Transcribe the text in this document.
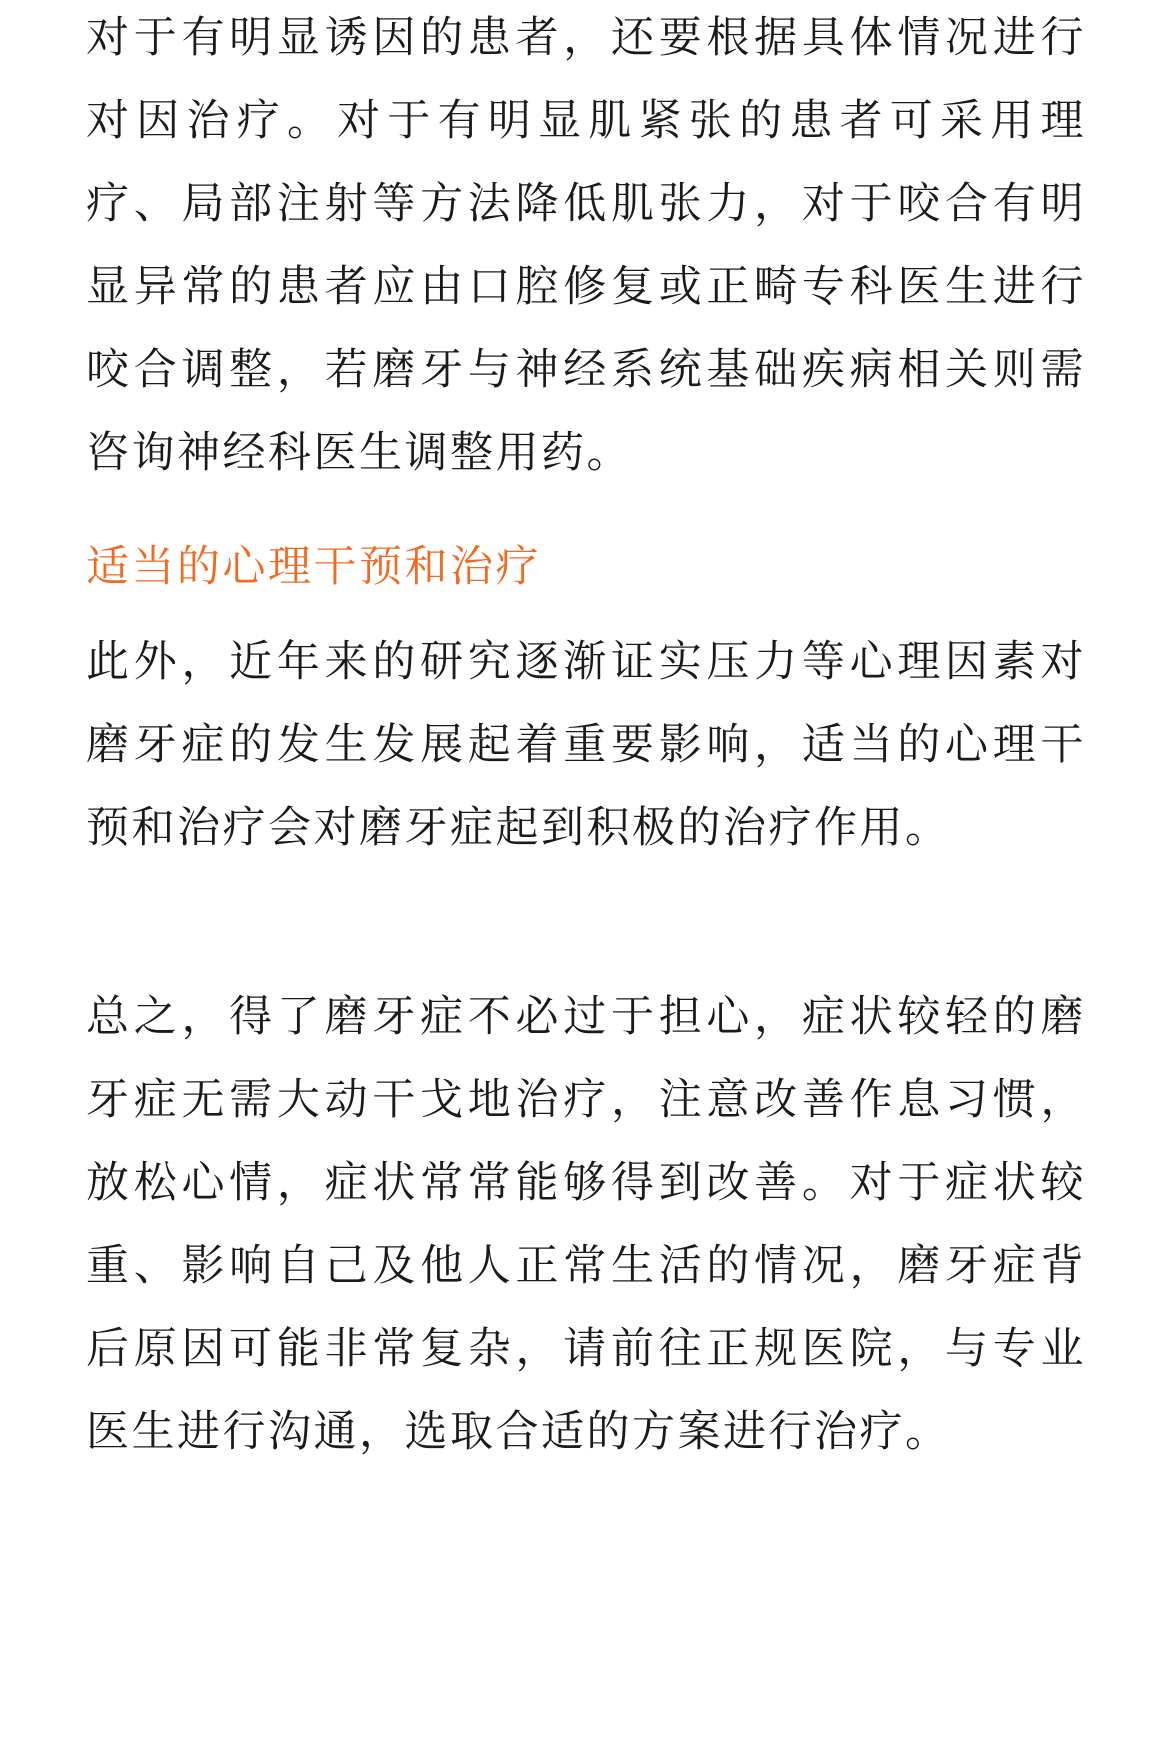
对于有明显诱因的患者，还要根据具体情况进行对因治疗。对于有明显肌紧张的患者可采用理疗、局部注射等方法降低肌张力，对于咬合有明显异常的患者应由口腔修复或正畸专科医生进行咬合调整，若磨牙与神经系统基础疾病相关则需咨询神经科医生调整用药。

适当的心理干预和治疗

此外，近年来的研究逐渐证实压力等心理因素对磨牙症的发生发展起着重要影响，适当的心理干预和治疗会对磨牙症起到积极的治疗作用。

总之，得了磨牙症不必过于担心，症状较轻的磨牙症无需大动干戈地治疗，注意改善作息习惯，放松心情，症状常常能够得到改善。对于症状较重、影响自己及他人正常生活的情况，磨牙症背后原因可能非常复杂，请前往正规医院，与专业医生进行沟通，选取合适的方案进行治疗。
